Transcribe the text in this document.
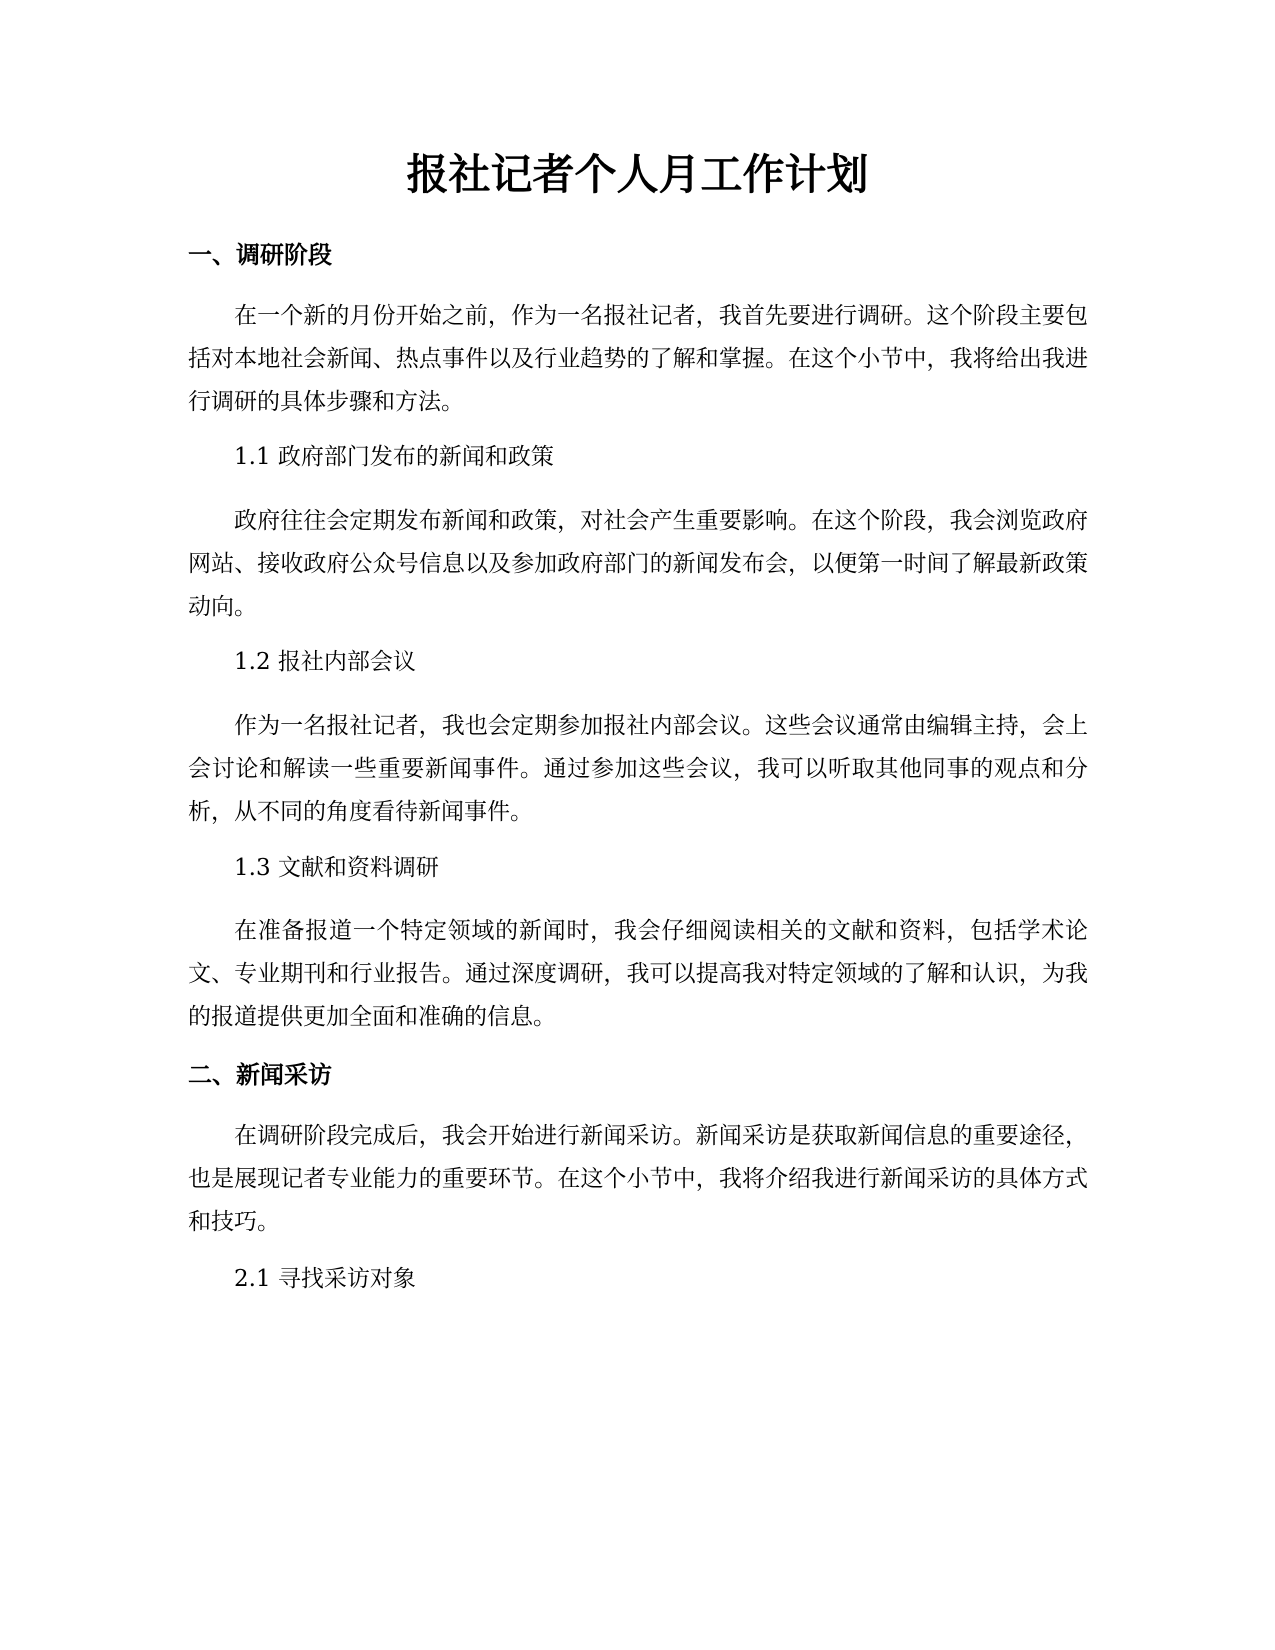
报社记者个人月工作计划
一、调研阶段

在一个新的月份开始之前，作为一名报社记者，我首先要进行调研。这个阶段主要包括对本地社会新闻、热点事件以及行业趋势的了解和掌握。在这个小节中，我将给出我进行调研的具体步骤和方法。

1.1 政府部门发布的新闻和政策

政府往往会定期发布新闻和政策，对社会产生重要影响。在这个阶段，我会浏览政府网站、接收政府公众号信息以及参加政府部门的新闻发布会，以便第一时间了解最新政策动向。

1.2 报社内部会议

作为一名报社记者，我也会定期参加报社内部会议。这些会议通常由编辑主持，会上会讨论和解读一些重要新闻事件。通过参加这些会议，我可以听取其他同事的观点和分析，从不同的角度看待新闻事件。

1.3 文献和资料调研

在准备报道一个特定领域的新闻时，我会仔细阅读相关的文献和资料，包括学术论文、专业期刊和行业报告。通过深度调研，我可以提高我对特定领域的了解和认识，为我的报道提供更加全面和准确的信息。

二、新闻采访

在调研阶段完成后，我会开始进行新闻采访。新闻采访是获取新闻信息的重要途径，也是展现记者专业能力的重要环节。在这个小节中，我将介绍我进行新闻采访的具体方式和技巧。

2.1 寻找采访对象
